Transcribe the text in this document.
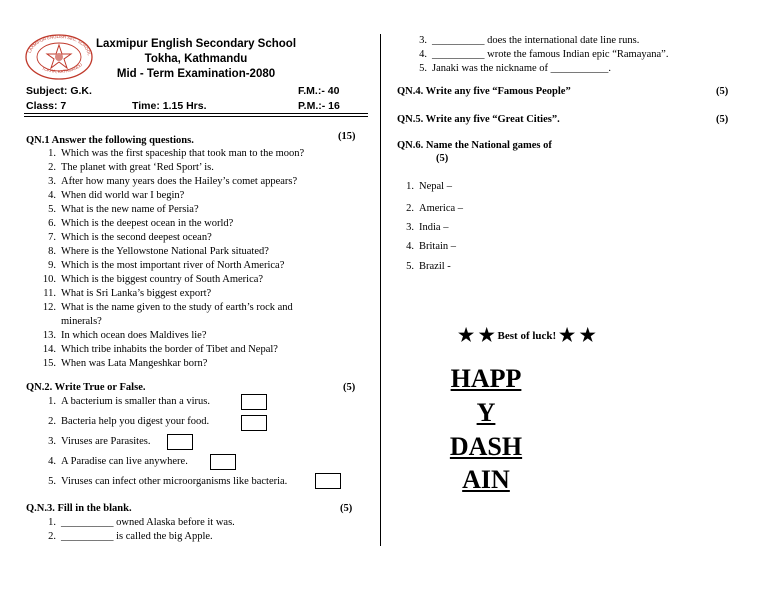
LAXMIPUR ENGLISH SEC. SCHOOL
TOKHA, KATHMANDU
Laxmipur English Secondary School
Tokha, Kathmandu
Mid - Term Examination-2080
Subject: G.K.
Class: 7	Time: 1.15 Hrs.
F.M.:- 40
P.M.:- 16
QN.1 Answer the following questions.	(15)
1. Which was the first spaceship that took man to the moon?
2. The planet with great ‘Red Sport’ is.
3. After how many years does the Hailey’s comet appears?
4. When did world war I begin?
5. What is the new name of Persia?
6. Which is the deepest ocean in the world?
7. Which is the second deepest ocean?
8. Where is the Yellowstone National Park situated?
9. Which is the most important river of North America?
10. Which is the biggest country of South America?
11. What is Sri Lanka’s biggest export?
12. What is the name given to the study of earth’s rock and
minerals?
13. In which ocean does Maldives lie?
14. Which tribe inhabits the border of Tibet and Nepal?
15. When was Lata Mangeshkar born?
QN.2. Write True or False.	(5)
1. A bacterium is smaller than a virus.
2. Bacteria help you digest your food.
3. Viruses are Parasites.
4. A Paradise can live anywhere.
5. Viruses can infect other microorganisms like bacteria.
Q.N.3. Fill in the blank.	(5)
1. __________ owned Alaska before it was.
2. __________ is called the big Apple.
3. __________ does the international date line runs.
4. __________ wrote the famous Indian epic “Ramayana”.
5. Janaki was the nickname of ___________.
QN.4. Write any five “Famous People”	(5)
QN.5. Write any five “Great Cities”.	(5)
QN.6. Name the National games of
(5)
1. Nepal –
2. America –
3. India –
4. Britain –
5. Brazil -
★ ★ Best of luck! ★ ★
HAPP
Y
DASH
AIN
